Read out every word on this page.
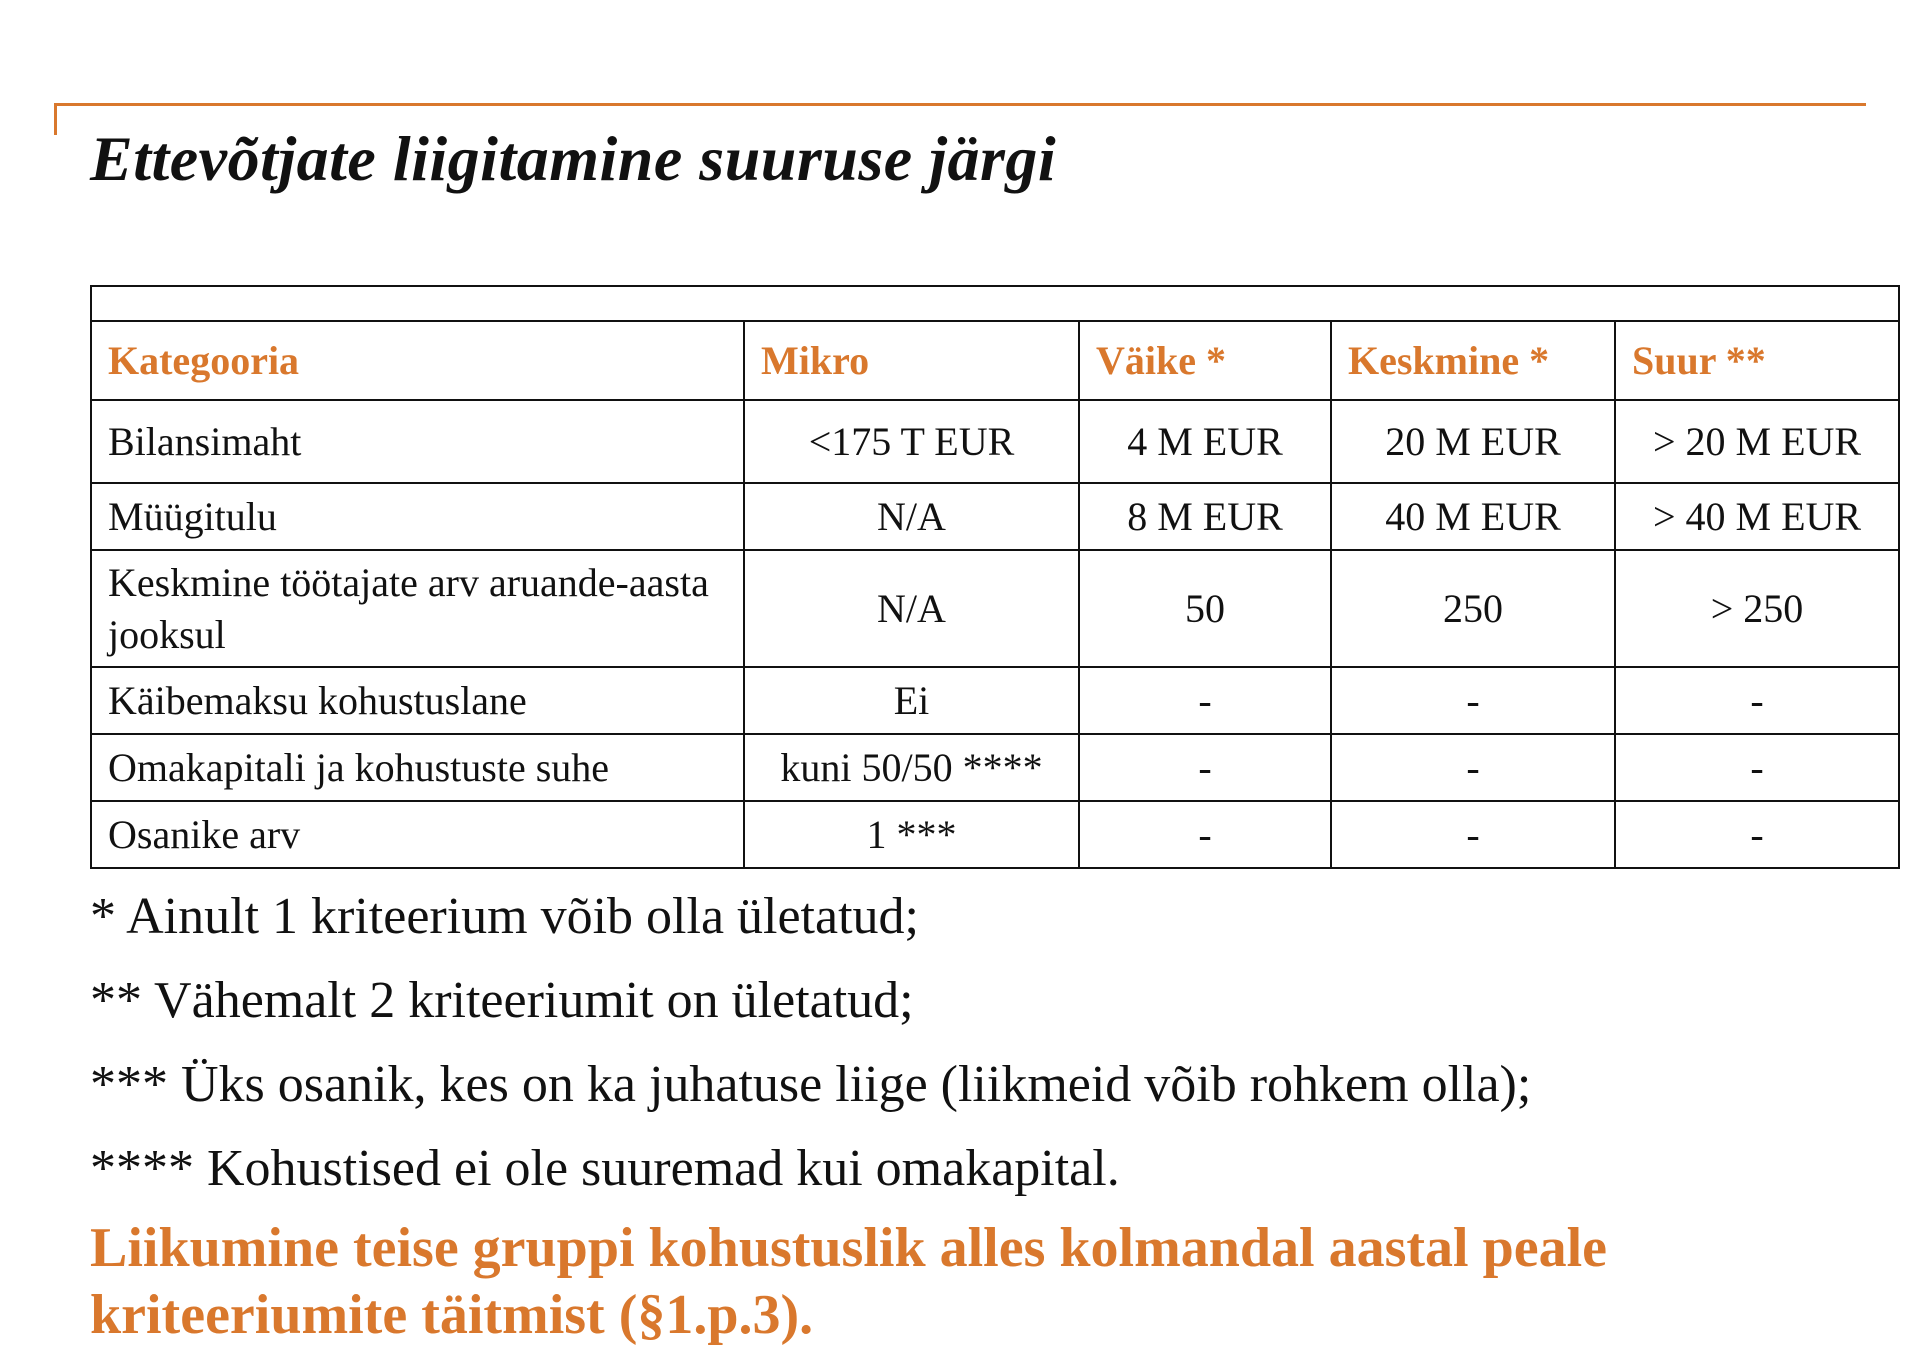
Ettevõtjate liigitamine suuruse järgi

Kategooria	Mikro	Väike *	Keskmine *	Suur **
Bilansimaht	<175 T EUR	4 M EUR	20 M EUR	> 20 M EUR
Müügitulu	N/A	8 M EUR	40 M EUR	> 40 M EUR
Keskmine töötajate arv aruande-aasta jooksul	N/A	50	250	> 250
Käibemaksu kohustuslane	Ei	-	-	-
Omakapitali ja kohustuste suhe	kuni 50/50 ****	-	-	-
Osanike arv	1 ***	-	-	-
* Ainult 1 kriteerium võib olla ületatud;
** Vähemalt 2 kriteeriumit on ületatud;
*** Üks osanik, kes on ka juhatuse liige (liikmeid võib rohkem olla);
**** Kohustised ei ole suuremad kui omakapital.
Liikumine teise gruppi kohustuslik alles kolmandal aastal peale kriteeriumite täitmist (§1.p.3).
